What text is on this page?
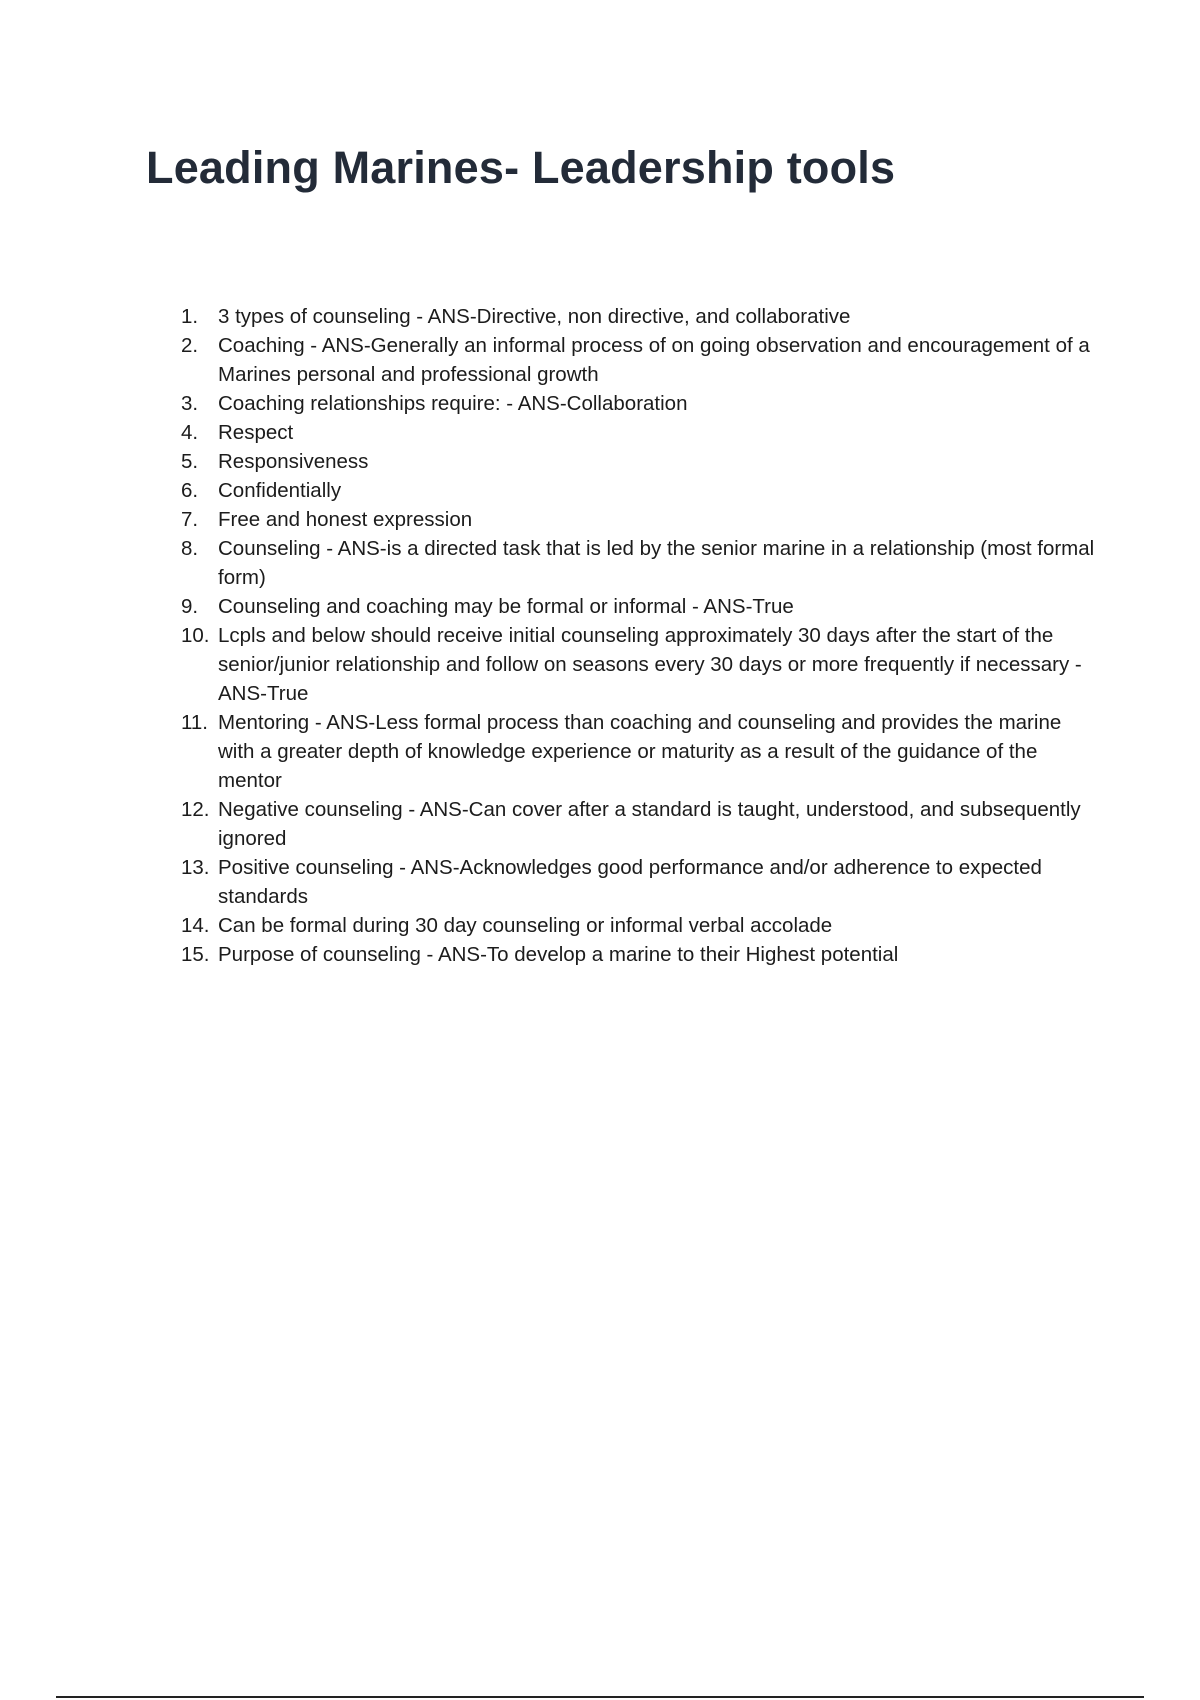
Leading Marines- Leadership tools
1. 3 types of counseling - ANS-Directive, non directive, and collaborative
2. Coaching - ANS-Generally an informal process of on going observation and encouragement of a Marines personal and professional growth
3. Coaching relationships require: - ANS-Collaboration
4. Respect
5. Responsiveness
6. Confidentially
7. Free and honest expression
8. Counseling - ANS-is a directed task that is led by the senior marine in a relationship (most formal form)
9. Counseling and coaching may be formal or informal - ANS-True
10. Lcpls and below should receive initial counseling approximately 30 days after the start of the senior/junior relationship and follow on seasons every 30 days or more frequently if necessary - ANS-True
11. Mentoring - ANS-Less formal process than coaching and counseling and provides the marine with a greater depth of knowledge experience or maturity as a result of the guidance of the mentor
12. Negative counseling - ANS-Can cover after a standard is taught, understood, and subsequently ignored
13. Positive counseling - ANS-Acknowledges good performance and/or adherence to expected standards
14. Can be formal during 30 day counseling or informal verbal accolade
15. Purpose of counseling - ANS-To develop a marine to their Highest potential
